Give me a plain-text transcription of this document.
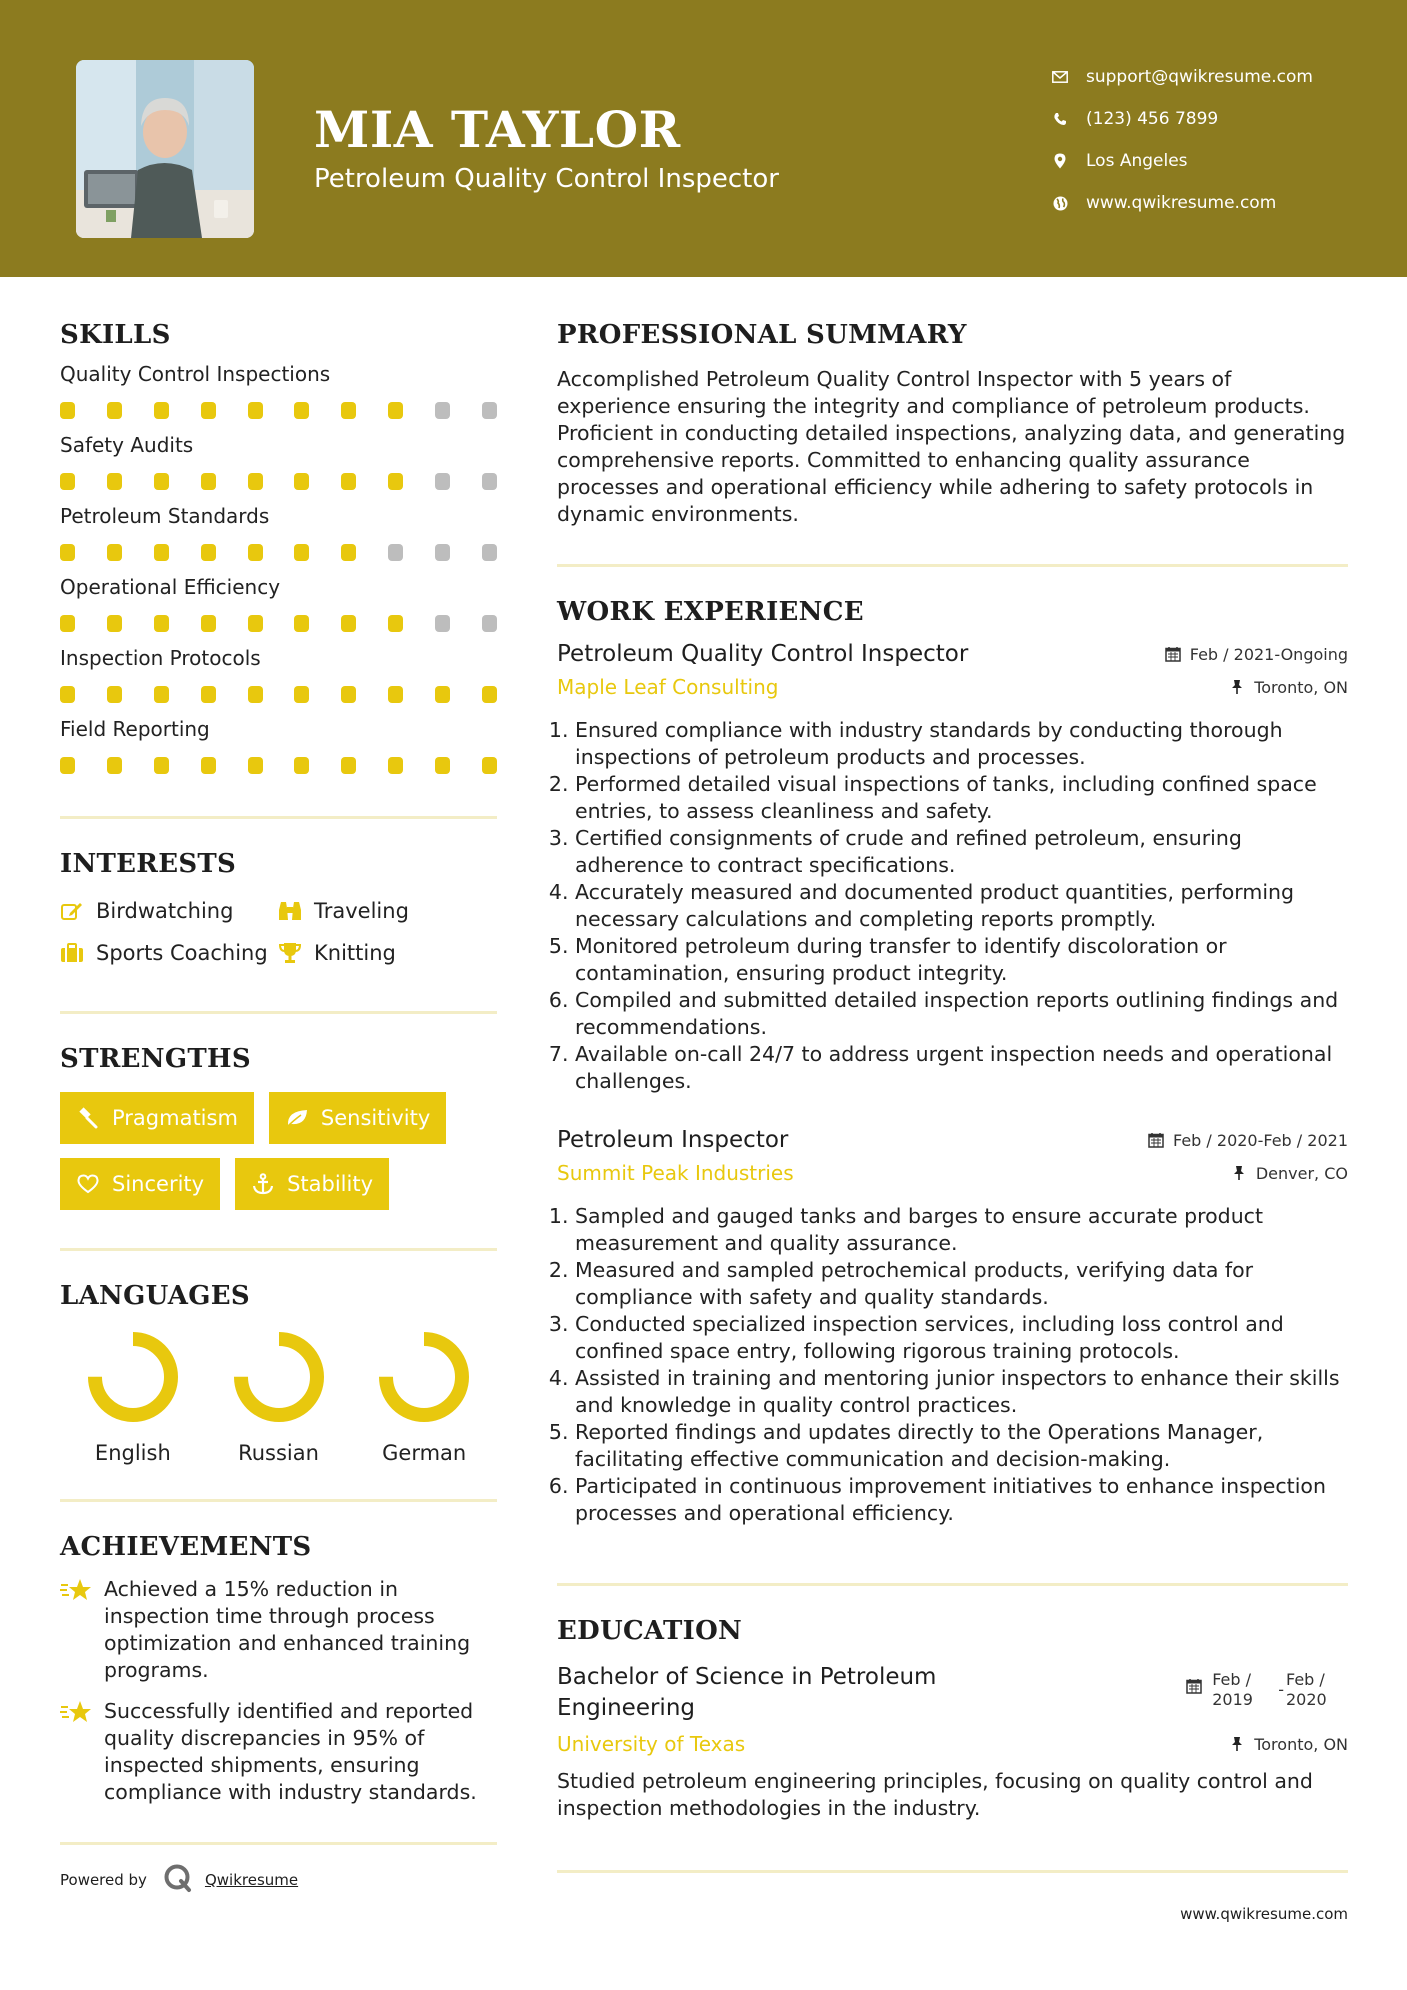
MIA TAYLOR
Petroleum Quality Control Inspector
support@qwikresume.com
(123) 456 7899
Los Angeles
www.qwikresume.com
SKILLS
Quality Control Inspections
Safety Audits
Petroleum Standards
Operational Efficiency
Inspection Protocols
Field Reporting
INTERESTS
Birdwatching	Traveling
Sports Coaching Knitting
STRENGTHS
Pragmatism	Sensitivity
Sincerity	Stability
LANGUAGES
English	Russian	German
ACHIEVEMENTS
Achieved a 15% reduction in inspection time through process optimization and enhanced training programs.
Successfully identified and reported quality discrepancies in 95% of inspected shipments, ensuring compliance with industry standards.
Powered by	Qwikresume
PROFESSIONAL SUMMARY
Accomplished Petroleum Quality Control Inspector with 5 years of experience ensuring the integrity and compliance of petroleum products. Proficient in conducting detailed inspections, analyzing data, and generating comprehensive reports. Committed to enhancing quality assurance processes and operational efficiency while adhering to safety protocols in dynamic environments.
WORK EXPERIENCE
Petroleum Quality Control Inspector	Feb / 2021-Ongoing
Maple Leaf Consulting	Toronto, ON
1. Ensured compliance with industry standards by conducting thorough inspections of petroleum products and processes.
2. Performed detailed visual inspections of tanks, including confined space entries, to assess cleanliness and safety.
3. Certified consignments of crude and refined petroleum, ensuring adherence to contract specifications.
4. Accurately measured and documented product quantities, performing necessary calculations and completing reports promptly.
5. Monitored petroleum during transfer to identify discoloration or contamination, ensuring product integrity.
6. Compiled and submitted detailed inspection reports outlining findings and recommendations.
7. Available on-call 24/7 to address urgent inspection needs and operational challenges.
Petroleum Inspector	Feb / 2020-Feb / 2021
Summit Peak Industries	Denver, CO
1. Sampled and gauged tanks and barges to ensure accurate product measurement and quality assurance.
2. Measured and sampled petrochemical products, verifying data for compliance with safety and quality standards.
3. Conducted specialized inspection services, including loss control and confined space entry, following rigorous training protocols.
4. Assisted in training and mentoring junior inspectors to enhance their skills and knowledge in quality control practices.
5. Reported findings and updates directly to the Operations Manager, facilitating effective communication and decision-making.
6. Participated in continuous improvement initiatives to enhance inspection processes and operational efficiency.
EDUCATION
Bachelor of Science in Petroleum Engineering
Feb / 2019
-
Feb / 2020
University of Texas	Toronto, ON
Studied petroleum engineering principles, focusing on quality control and inspection methodologies in the industry.
www.qwikresume.com
